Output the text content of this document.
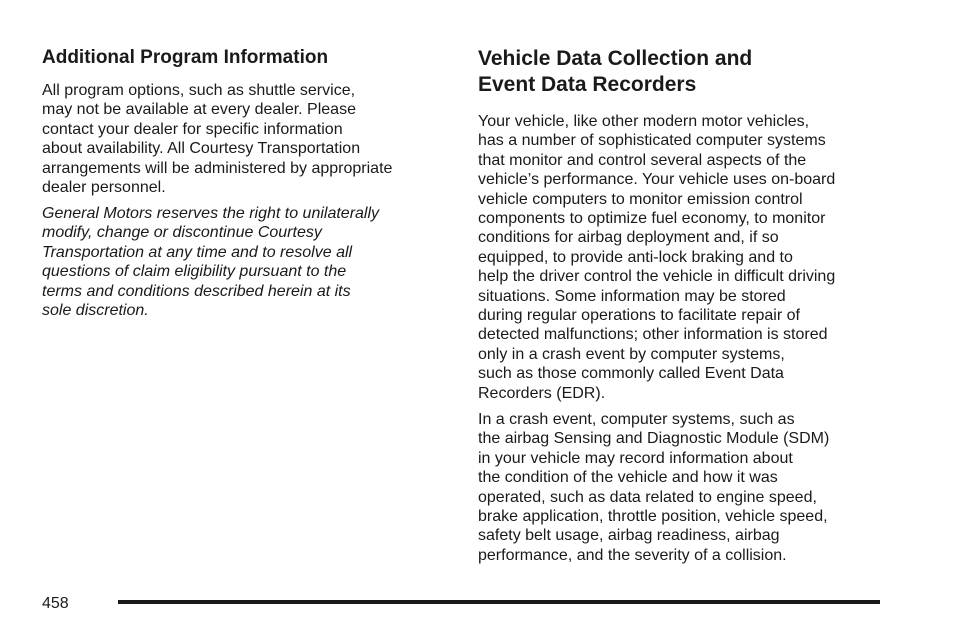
Additional Program Information

All program options, such as shuttle service,
may not be available at every dealer. Please
contact your dealer for specific information
about availability. All Courtesy Transportation
arrangements will be administered by appropriate
dealer personnel.

General Motors reserves the right to unilaterally
modify, change or discontinue Courtesy
Transportation at any time and to resolve all
questions of claim eligibility pursuant to the
terms and conditions described herein at its
sole discretion.

Vehicle Data Collection and
Event Data Recorders

Your vehicle, like other modern motor vehicles,
has a number of sophisticated computer systems
that monitor and control several aspects of the
vehicle’s performance. Your vehicle uses on-board
vehicle computers to monitor emission control
components to optimize fuel economy, to monitor
conditions for airbag deployment and, if so
equipped, to provide anti-lock braking and to
help the driver control the vehicle in difficult driving
situations. Some information may be stored
during regular operations to facilitate repair of
detected malfunctions; other information is stored
only in a crash event by computer systems,
such as those commonly called Event Data
Recorders (EDR).

In a crash event, computer systems, such as
the airbag Sensing and Diagnostic Module (SDM)
in your vehicle may record information about
the condition of the vehicle and how it was
operated, such as data related to engine speed,
brake application, throttle position, vehicle speed,
safety belt usage, airbag readiness, airbag
performance, and the severity of a collision.

458
